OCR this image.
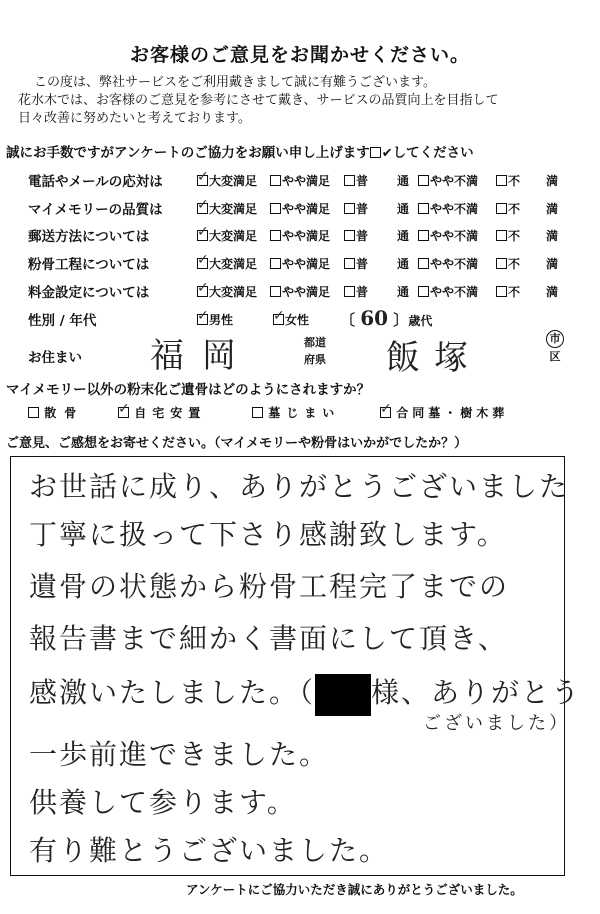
お客様のご意見をお聞かせください。
この度は、弊社サービスをご利用戴きまして誠に有難うございます。
花水木では、お客様のご意見を参考にさせて戴き、サービスの品質向上を目指して
日々改善に努めたいと考えております。
誠にお手数ですがアンケートのご協力をお願い申し上げます ✔してください
電話やメールの応対は ✓ 大変満足	やや満足	普 通	やや不満	不 満
マイメモリーの品質は ✓ 大変満足	やや満足	普 通	やや不満	不 満
郵送方法については	✓ 大変満足	やや満足	普 通	やや不満	不 満
粉骨工程については	✓ 大変満足	やや満足	普 通	やや不満	不 満
料金設定については	✓ 大変満足	やや満足	普 通	やや不満	不 満
性別 / 年代	✓ 男性	✓ 女性 〔 60 〕歳代
お住まい 福岡	都道
府県 飯塚	市
区
マイメモリー以外の粉末化ご遺骨はどのようにされますか？
散骨 ✓ 自宅安置	墓じまい	✓ 合同墓・樹木葬
ご意見、ご感想をお寄せください。（マイメモリーや粉骨はいかがでしたか？）
お世話に成り、ありがとうございました
丁寧に扱って下さり感謝致します。
遺骨の状態から粉骨工程完了までの
報告書まで細かく書面にして頂き、
感激いたしました。（ 様、ありがとう
ございました）
一歩前進できました。
供養して参ります。
有り難とうございました。
アンケートにご協力いただき誠にありがとうございました。
